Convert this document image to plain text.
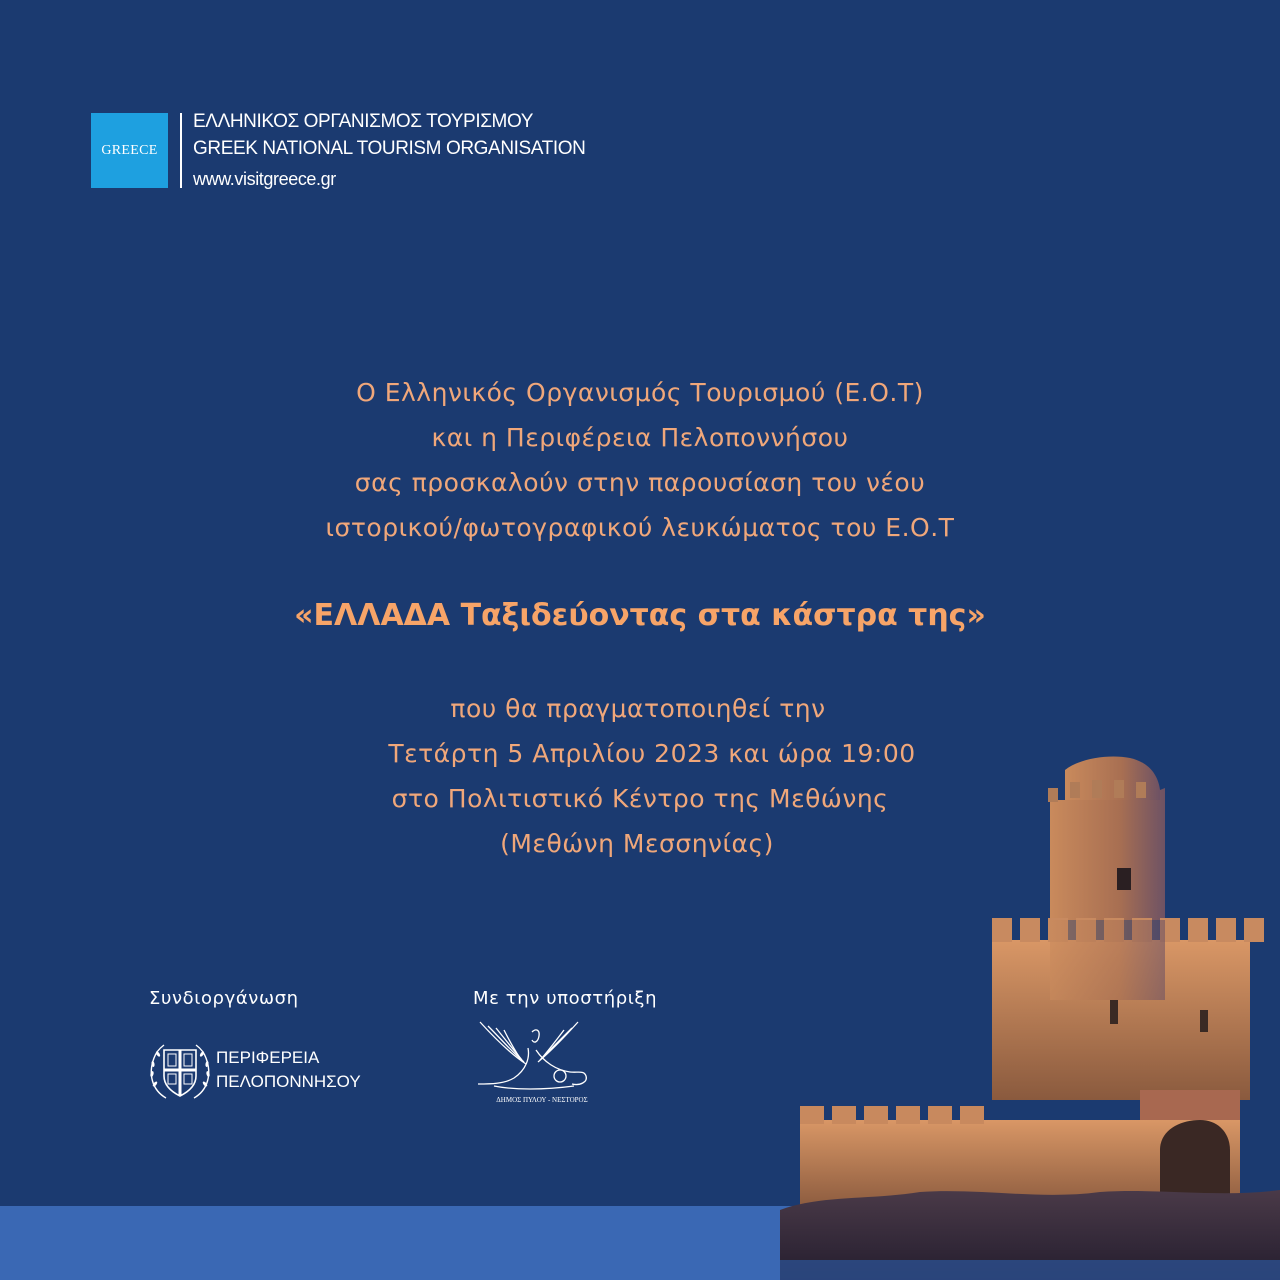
GREECE
ΕΛΛΗΝΙΚΟΣ ΟΡΓΑΝΙΣΜΟΣ ΤΟΥΡΙΣΜΟΥ
GREEK NATIONAL TOURISM ORGANISATION
www.visitgreece.gr
Ο Ελληνικός Οργανισμός Τουρισμού (Ε.Ο.Τ)
και η Περιφέρεια Πελοποννήσου
σας προσκαλούν στην παρουσίαση του νέου
ιστορικού/φωτογραφικού λευκώματος του Ε.Ο.Τ
«ΕΛΛΑΔΑ Ταξιδεύοντας στα κάστρα της»
που θα πραγματοποιηθεί την
Τετάρτη 5 Απριλίου 2023 και ώρα 19:00
στο Πολιτιστικό Κέντρο της Μεθώνης
(Μεθώνη Μεσσηνίας)
Συνδιοργάνωση	Με την υποστήριξη
ΠΕΡΙΦΕΡΕΙΑ
ΠΕΛΟΠΟΝΝΗΣΟΥ
ΔΗΜΟΣ ΠΥΛΟΥ - ΝΕΣΤΟΡΟΣ
